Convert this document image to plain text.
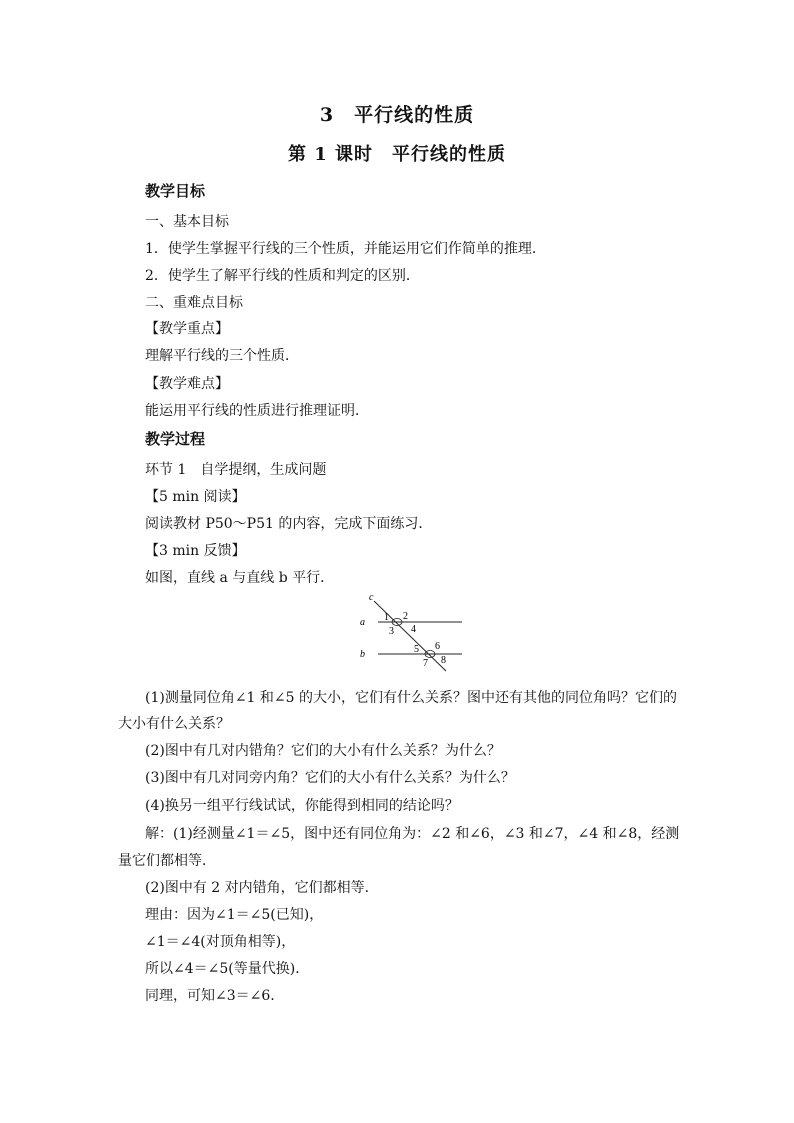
3　平行线的性质
第 1 课时　平行线的性质
教学目标
一、基本目标
1．使学生掌握平行线的三个性质，并能运用它们作简单的推理．
2．使学生了解平行线的性质和判定的区别．
二、重难点目标
【教学重点】
理解平行线的三个性质．
【教学难点】
能运用平行线的性质进行推理证明．
教学过程
环节 1　自学提纲，生成问题
【5 min 阅读】
阅读教材 P50～P51 的内容，完成下面练习．
【3 min 反馈】
如图，直线 a 与直线 b 平行．
c
a
b
1 2
3 4
5 6
7 8
(1)测量同位角∠1 和∠5 的大小，它们有什么关系？图中还有其他的同位角吗？它们的
大小有什么关系？
(2)图中有几对内错角？它们的大小有什么关系？为什么？
(3)图中有几对同旁内角？它们的大小有什么关系？为什么？
(4)换另一组平行线试试，你能得到相同的结论吗？
解：(1)经测量∠1＝∠5，图中还有同位角为：∠2 和∠6，∠3 和∠7，∠4 和∠8，经测
量它们都相等．
(2)图中有 2 对内错角，它们都相等．
理由：因为∠1＝∠5(已知)，
∠1＝∠4(对顶角相等)，
所以∠4＝∠5(等量代换)．
同理，可知∠3＝∠6.
